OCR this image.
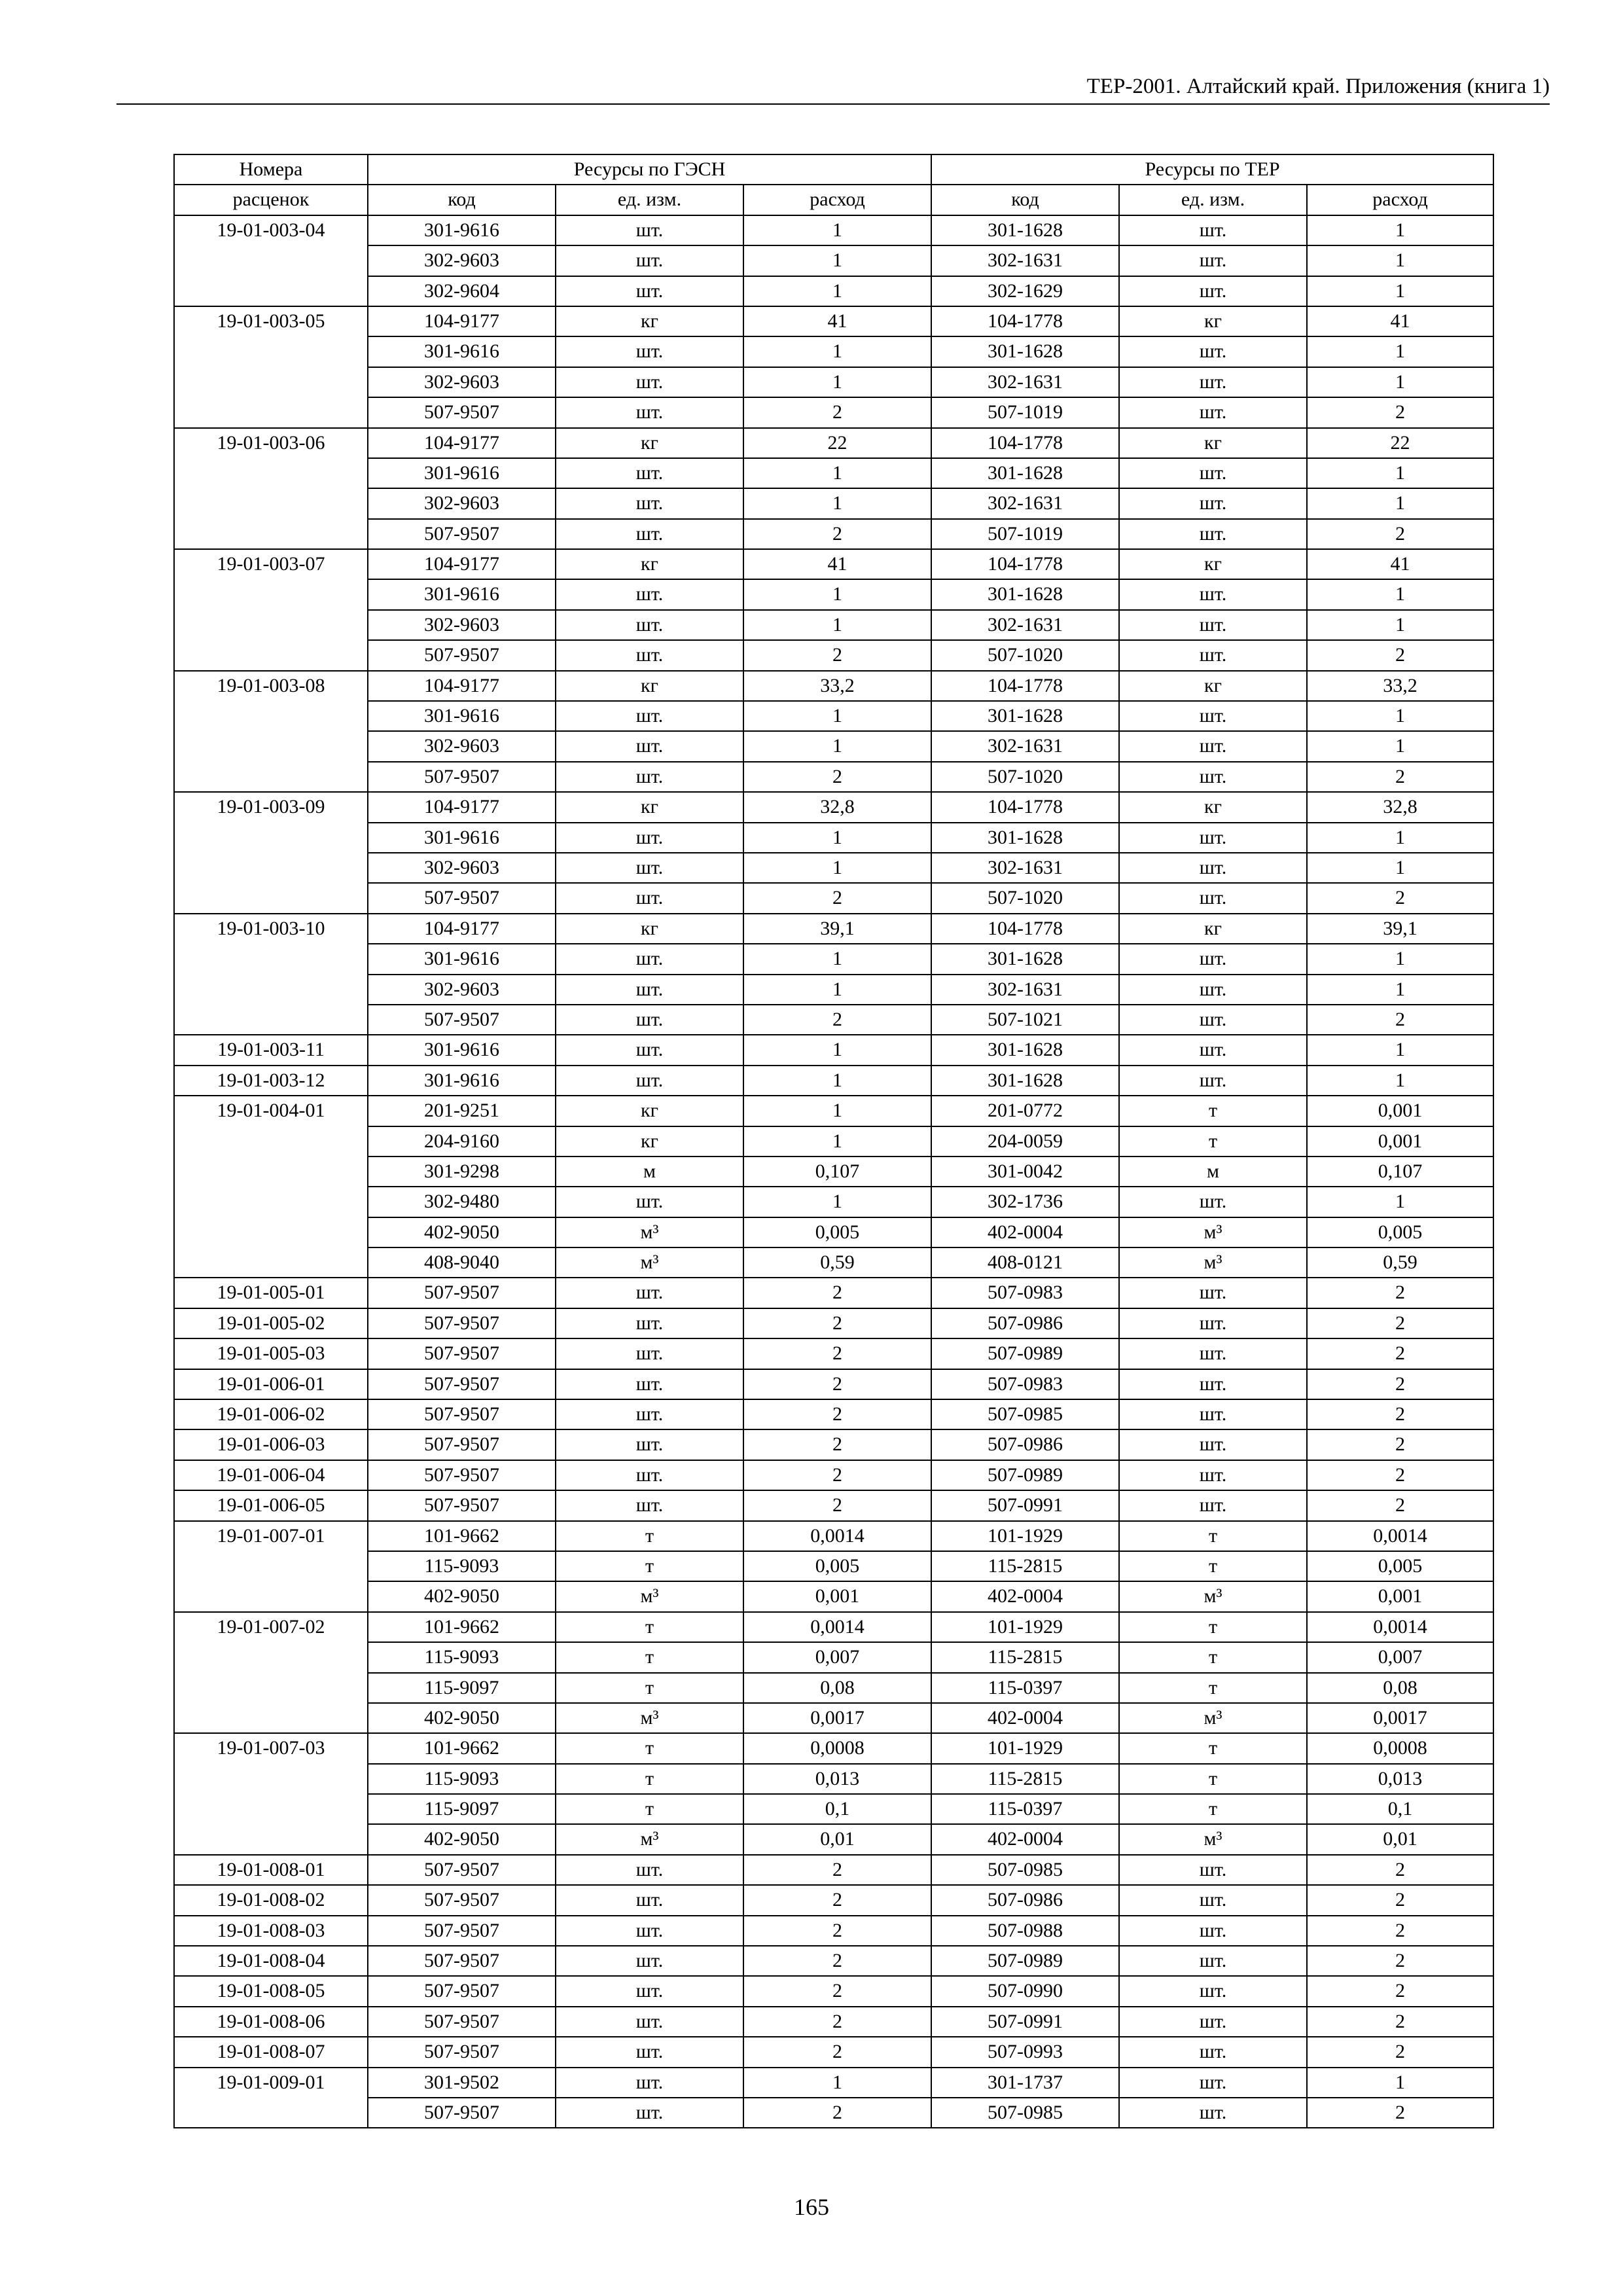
ТЕР-2001. Алтайский край. Приложения (книга 1)
Номера	Ресурсы по ГЭСН			Ресурсы по ТЕР		
расценок	код	ед. изм.	расход	код	ед. изм.	расход
19-01-003-04	301-9616	шт.	1	301-1628	шт.	1
	302-9603	шт.	1	302-1631	шт.	1
	302-9604	шт.	1	302-1629	шт.	1
19-01-003-05	104-9177	кг	41	104-1778	кг	41
	301-9616	шт.	1	301-1628	шт.	1
	302-9603	шт.	1	302-1631	шт.	1
	507-9507	шт.	2	507-1019	шт.	2
19-01-003-06	104-9177	кг	22	104-1778	кг	22
	301-9616	шт.	1	301-1628	шт.	1
	302-9603	шт.	1	302-1631	шт.	1
	507-9507	шт.	2	507-1019	шт.	2
19-01-003-07	104-9177	кг	41	104-1778	кг	41
	301-9616	шт.	1	301-1628	шт.	1
	302-9603	шт.	1	302-1631	шт.	1
	507-9507	шт.	2	507-1020	шт.	2
19-01-003-08	104-9177	кг	33,2	104-1778	кг	33,2
	301-9616	шт.	1	301-1628	шт.	1
	302-9603	шт.	1	302-1631	шт.	1
	507-9507	шт.	2	507-1020	шт.	2
19-01-003-09	104-9177	кг	32,8	104-1778	кг	32,8
	301-9616	шт.	1	301-1628	шт.	1
	302-9603	шт.	1	302-1631	шт.	1
	507-9507	шт.	2	507-1020	шт.	2
19-01-003-10	104-9177	кг	39,1	104-1778	кг	39,1
	301-9616	шт.	1	301-1628	шт.	1
	302-9603	шт.	1	302-1631	шт.	1
	507-9507	шт.	2	507-1021	шт.	2
19-01-003-11	301-9616	шт.	1	301-1628	шт.	1
19-01-003-12	301-9616	шт.	1	301-1628	шт.	1
19-01-004-01	201-9251	кг	1	201-0772	т	0,001
	204-9160	кг	1	204-0059	т	0,001
	301-9298	м	0,107	301-0042	м	0,107
	302-9480	шт.	1	302-1736	шт.	1
	402-9050	м³	0,005	402-0004	м³	0,005
	408-9040	м³	0,59	408-0121	м³	0,59
19-01-005-01	507-9507	шт.	2	507-0983	шт.	2
19-01-005-02	507-9507	шт.	2	507-0986	шт.	2
19-01-005-03	507-9507	шт.	2	507-0989	шт.	2
19-01-006-01	507-9507	шт.	2	507-0983	шт.	2
19-01-006-02	507-9507	шт.	2	507-0985	шт.	2
19-01-006-03	507-9507	шт.	2	507-0986	шт.	2
19-01-006-04	507-9507	шт.	2	507-0989	шт.	2
19-01-006-05	507-9507	шт.	2	507-0991	шт.	2
19-01-007-01	101-9662	т	0,0014	101-1929	т	0,0014
	115-9093	т	0,005	115-2815	т	0,005
	402-9050	м³	0,001	402-0004	м³	0,001
19-01-007-02	101-9662	т	0,0014	101-1929	т	0,0014
	115-9093	т	0,007	115-2815	т	0,007
	115-9097	т	0,08	115-0397	т	0,08
	402-9050	м³	0,0017	402-0004	м³	0,0017
19-01-007-03	101-9662	т	0,0008	101-1929	т	0,0008
	115-9093	т	0,013	115-2815	т	0,013
	115-9097	т	0,1	115-0397	т	0,1
	402-9050	м³	0,01	402-0004	м³	0,01
19-01-008-01	507-9507	шт.	2	507-0985	шт.	2
19-01-008-02	507-9507	шт.	2	507-0986	шт.	2
19-01-008-03	507-9507	шт.	2	507-0988	шт.	2
19-01-008-04	507-9507	шт.	2	507-0989	шт.	2
19-01-008-05	507-9507	шт.	2	507-0990	шт.	2
19-01-008-06	507-9507	шт.	2	507-0991	шт.	2
19-01-008-07	507-9507	шт.	2	507-0993	шт.	2
19-01-009-01	301-9502	шт.	1	301-1737	шт.	1
	507-9507	шт.	2	507-0985	шт.	2
165
